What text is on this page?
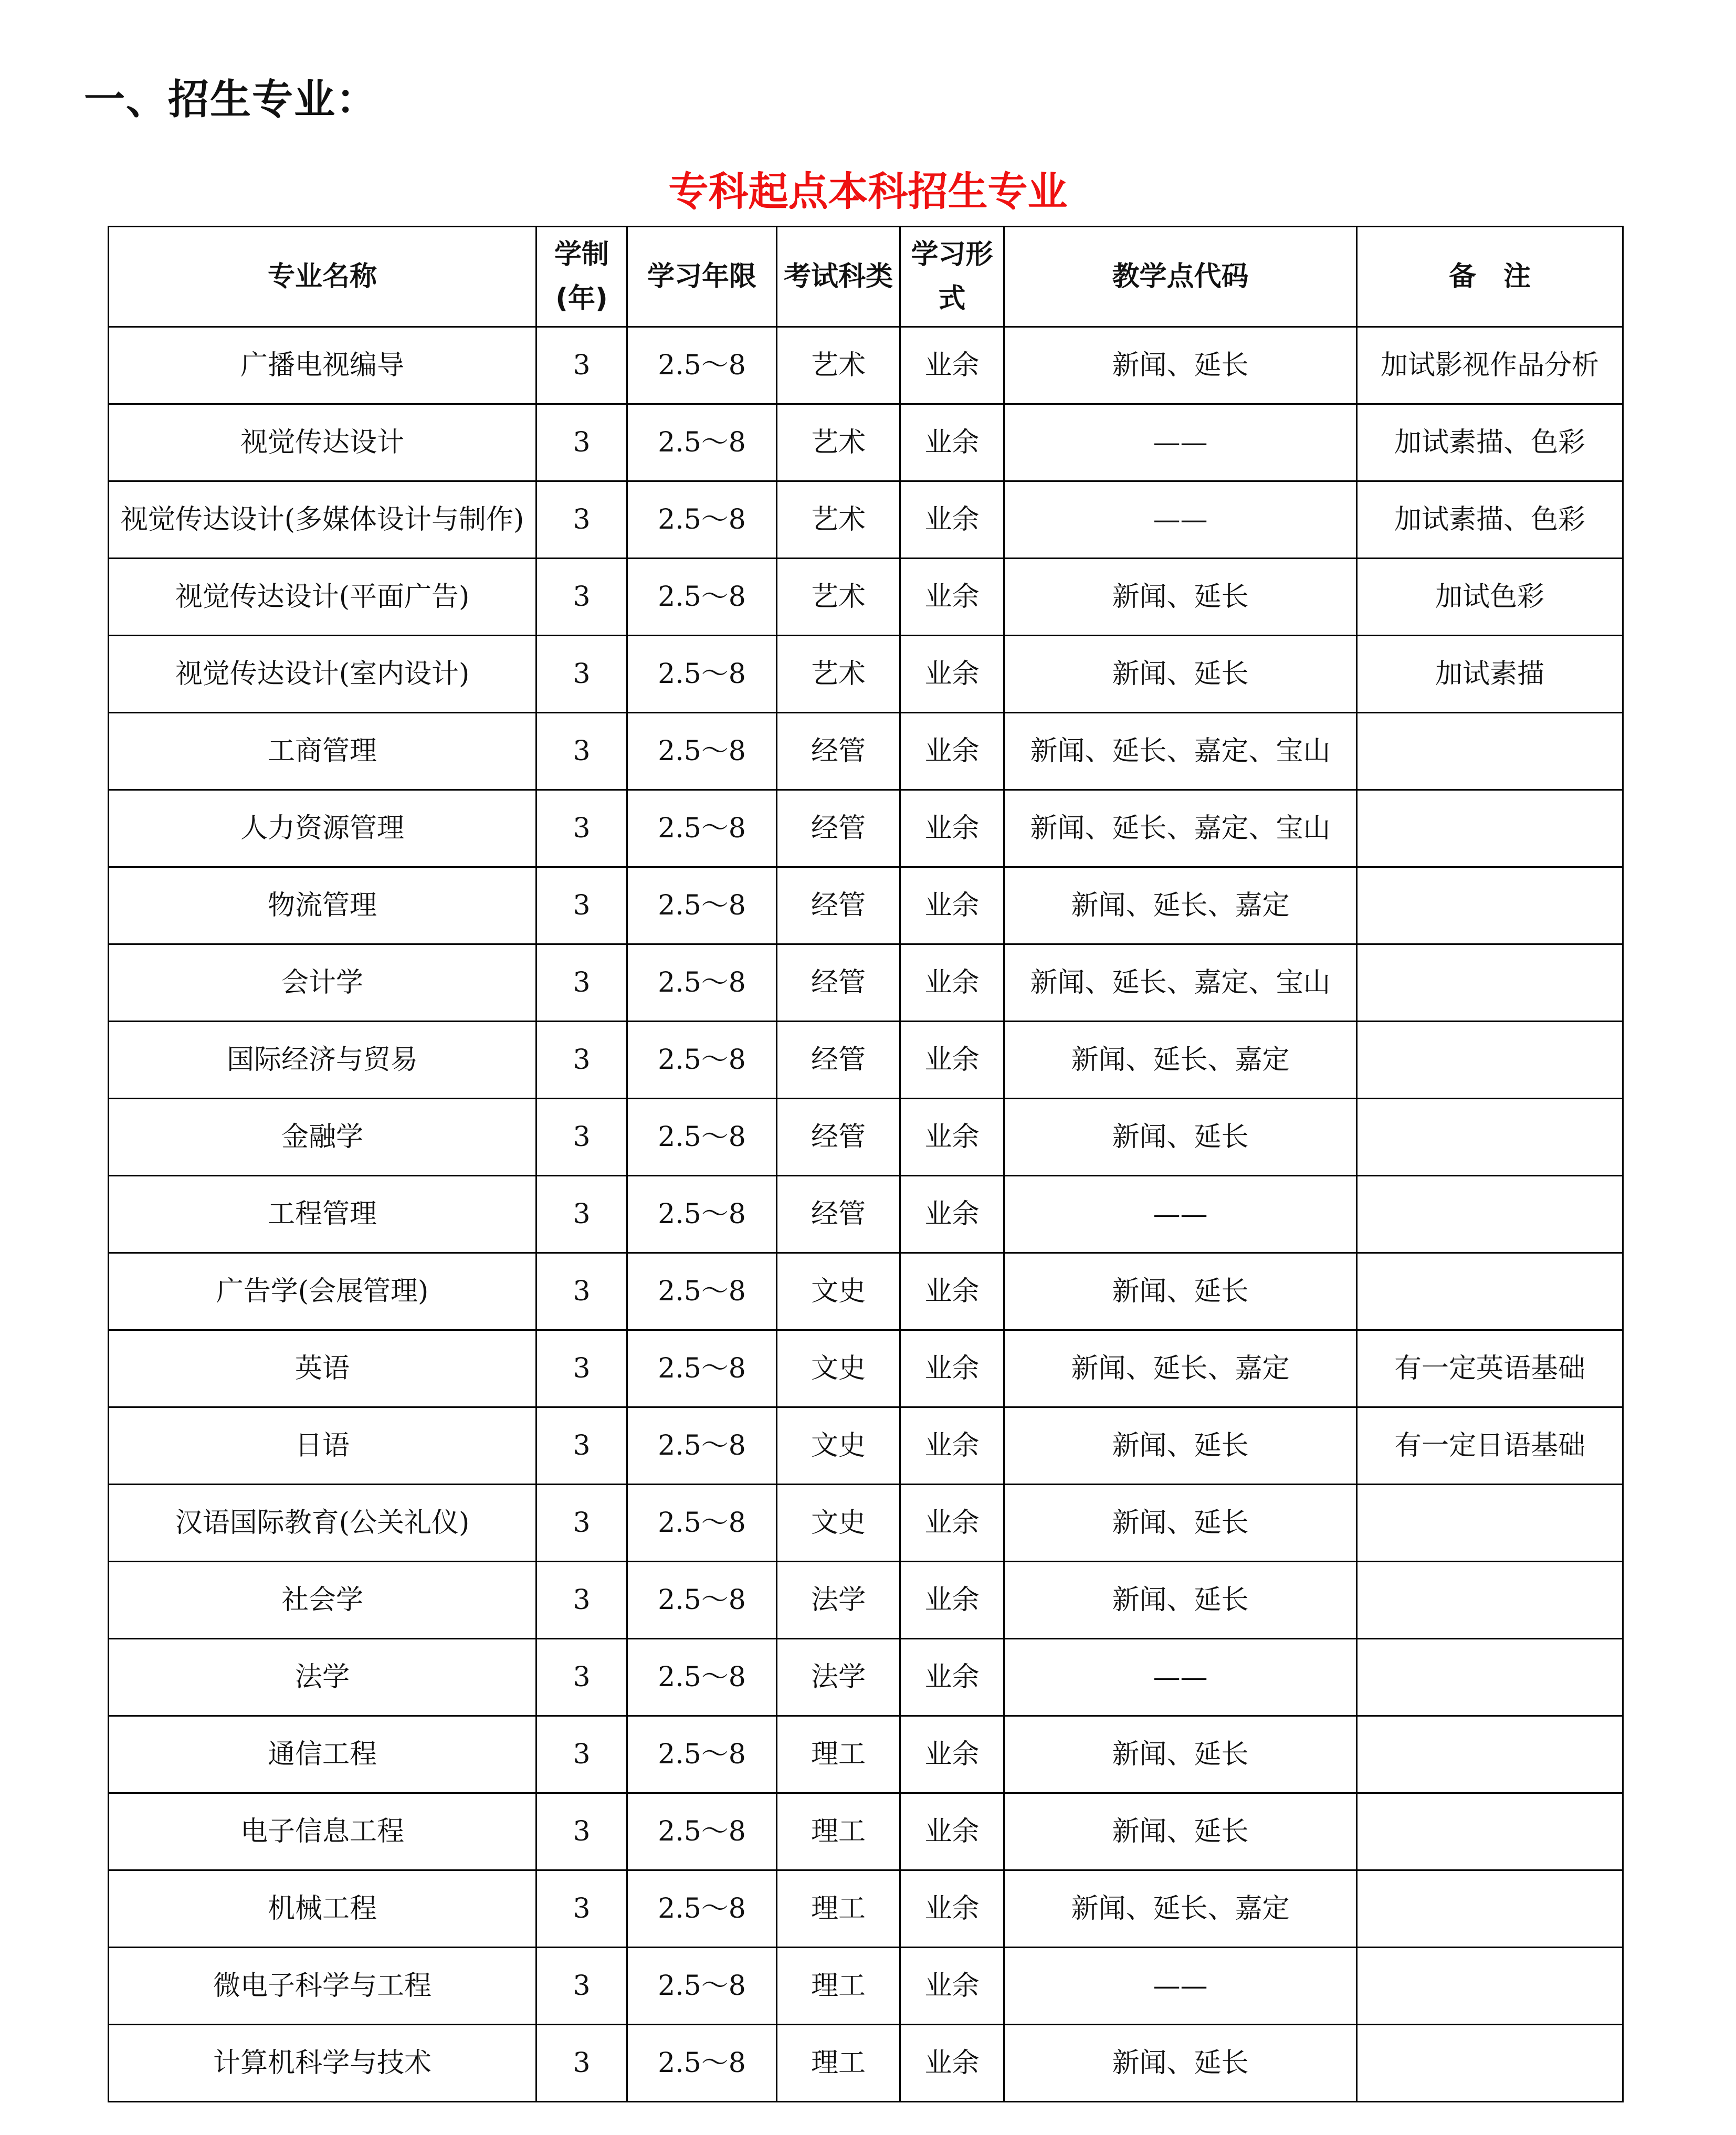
一、招生专业：
专科起点本科招生专业
专业名称	学制(年)	学习年限	考试科类	学习形式	教学点代码	备　注
广播电视编导	3	2.5～8	艺术	业余	新闻、延长	加试影视作品分析
视觉传达设计	3	2.5～8	艺术	业余	——	加试素描、色彩
视觉传达设计(多媒体设计与制作)	3	2.5～8	艺术	业余	——	加试素描、色彩
视觉传达设计(平面广告)	3	2.5～8	艺术	业余	新闻、延长	加试色彩
视觉传达设计(室内设计)	3	2.5～8	艺术	业余	新闻、延长	加试素描
工商管理	3	2.5～8	经管	业余	新闻、延长、嘉定、宝山	
人力资源管理	3	2.5～8	经管	业余	新闻、延长、嘉定、宝山	
物流管理	3	2.5～8	经管	业余	新闻、延长、嘉定	
会计学	3	2.5～8	经管	业余	新闻、延长、嘉定、宝山	
国际经济与贸易	3	2.5～8	经管	业余	新闻、延长、嘉定	
金融学	3	2.5～8	经管	业余	新闻、延长	
工程管理	3	2.5～8	经管	业余	——	
广告学(会展管理)	3	2.5～8	文史	业余	新闻、延长	
英语	3	2.5～8	文史	业余	新闻、延长、嘉定	有一定英语基础
日语	3	2.5～8	文史	业余	新闻、延长	有一定日语基础
汉语国际教育(公关礼仪)	3	2.5～8	文史	业余	新闻、延长	
社会学	3	2.5～8	法学	业余	新闻、延长	
法学	3	2.5～8	法学	业余	——	
通信工程	3	2.5～8	理工	业余	新闻、延长	
电子信息工程	3	2.5～8	理工	业余	新闻、延长	
机械工程	3	2.5～8	理工	业余	新闻、延长、嘉定	
微电子科学与工程	3	2.5～8	理工	业余	——	
计算机科学与技术	3	2.5～8	理工	业余	新闻、延长	
